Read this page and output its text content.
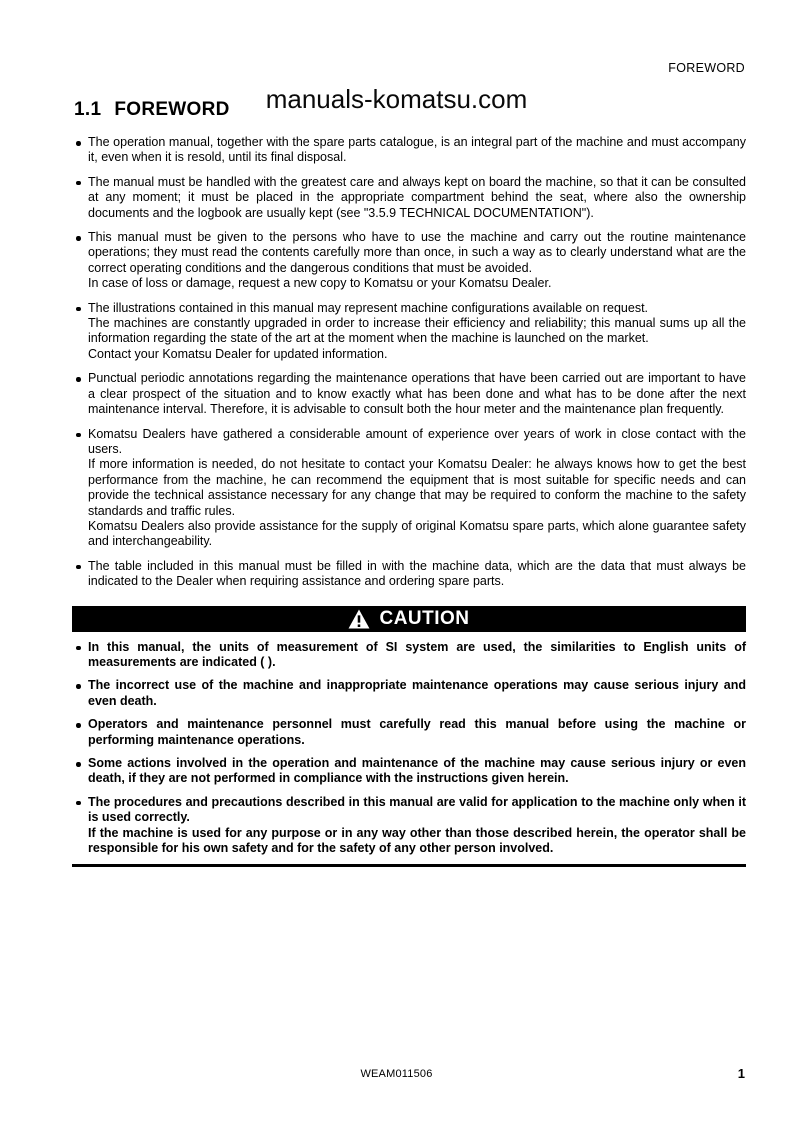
FOREWORD
manuals-komatsu.com
1.1 FOREWORD

The operation manual, together with the spare parts catalogue, is an integral part of the machine and must accompany it, even when it is resold, until its final disposal.

The manual must be handled with the greatest care and always kept on board the machine, so that it can be consulted at any moment; it must be placed in the appropriate compartment behind the seat, where also the ownership documents and the logbook are usually kept (see "3.5.9 TECHNICAL DOCUMENTATION").

This manual must be given to the persons who have to use the machine and carry out the routine maintenance operations; they must read the contents carefully more than once, in such a way as to clearly understand what are the correct operating conditions and the dangerous conditions that must be avoided.

In case of loss or damage, request a new copy to Komatsu or your Komatsu Dealer.

The illustrations contained in this manual may represent machine configurations available on request.

The machines are constantly upgraded in order to increase their efficiency and reliability; this manual sums up all the information regarding the state of the art at the moment when the machine is launched on the market.

Contact your Komatsu Dealer for updated information.

Punctual periodic annotations regarding the maintenance operations that have been carried out are important to have a clear prospect of the situation and to know exactly what has been done and what has to be done after the next maintenance interval. Therefore, it is advisable to consult both the hour meter and the maintenance plan frequently.

Komatsu Dealers have gathered a considerable amount of experience over years of work in close contact with the users.

If more information is needed, do not hesitate to contact your Komatsu Dealer: he always knows how to get the best performance from the machine, he can recommend the equipment that is most suitable for specific needs and can provide the technical assistance necessary for any change that may be required to conform the machine to the safety standards and traffic rules.

Komatsu Dealers also provide assistance for the supply of original Komatsu spare parts, which alone guarantee safety and interchangeability.

The table included in this manual must be filled in with the machine data, which are the data that must always be indicated to the Dealer when requiring assistance and ordering spare parts.

CAUTION

In this manual, the units of measurement of SI system are used, the similarities to English units of measurements are indicated ( ).

The incorrect use of the machine and inappropriate maintenance operations may cause serious injury and even death.

Operators and maintenance personnel must carefully read this manual before using the machine or performing maintenance operations.

Some actions involved in the operation and maintenance of the machine may cause serious injury or even death, if they are not performed in compliance with the instructions given herein.

The procedures and precautions described in this manual are valid for application to the machine only when it is used correctly.

If the machine is used for any purpose or in any way other than those described herein, the operator shall be responsible for his own safety and for the safety of any other person involved.

WEAM011506	1
